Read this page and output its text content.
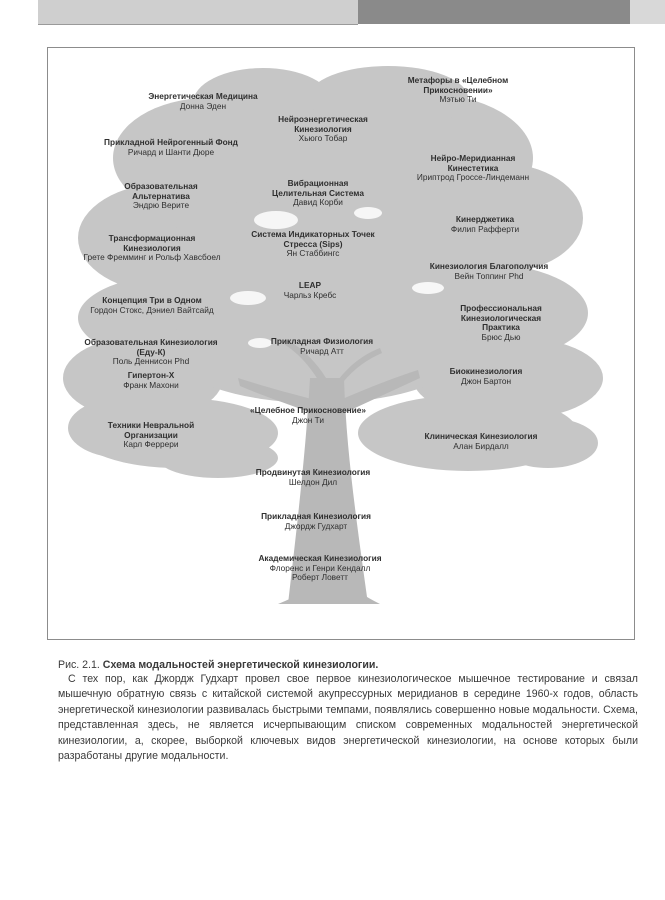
Энергетическая Медицина
Донна Эден
Метафоры в «Целебном Прикосновении»
Мэтью Ти
Нейроэнергетическая Кинезиология
Хьюго Тобар
Прикладной Нейрогенный Фонд
Ричард и Шанти Дюре
Нейро-Меридианная Кинестетика
Ириптрод Гроссе-Линдеманн
Образовательная Альтернатива
Эндрю Верите
Вибрационная Целительная Система
Давид Корби
Кинерджетика
Филип Рафферти
Трансформационная Кинезиология
Грете Фремминг и Рольф Хавсбоел
Система Индикаторных Точек Стресса (Sips)
Ян Стаббингс
Кинезиология Благополучия
Вейн Топпинг Phd
LEAP
Чарльз Кребс
Концепция Три в Одном
Гордон Стокс, Дэниел Вайтсайд	Профессиональная Кинезиологическая Практика
Брюс Дью
Образовательная Кинезиология (Еду-К)
Поль Деннисон Phd
Прикладная Физиология
Ричард Атт
Гипертон-Х
Франк Махони
Биокинезиология
Джон Бартон
«Целебное Прикосновение»
Джон Ти
Техники Невральной Организации
Карл Феррери
Клиническая Кинезиология
Алан Бирдалл
Продвинутая Кинезиология
Шелдон Дил
Прикладная Кинезиология
Джордж Гудхарт
Академическая Кинезиология
Флоренс и Генри Кендалл
Роберт Ловетт
Рис. 2.1. Схема модальностей энергетической кинезиологии.
С тех пор, как Джордж Гудхарт провел свое первое кинезиологическое мышечное тестирование и связал мышечную обратную связь с китайской системой акупрессурных меридианов в середине 1960-х годов, область энергетической кинезиологии развивалась быстрыми темпами, появлялись совершенно новые модальности. Схема, представленная здесь, не является исчерпывающим списком современных модальностей энергетической кинезиологии, а, скорее, выборкой ключевых видов энергетической кинезиологии, на основе которых были разработаны другие модальности.
